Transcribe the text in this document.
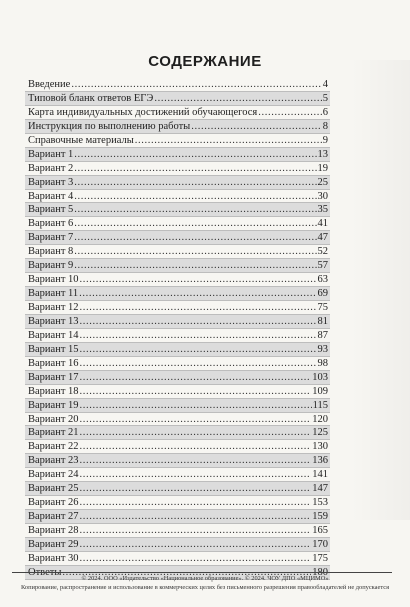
СОДЕРЖАНИЕ
Введение . . .	4
Типовой бланк ответов ЕГЭ . . .	5
Карта индивидуальных достижений обучающегося . . .	6
Инструкция по выполнению работы . . .	8
Справочные материалы . . .	9
Вариант 1 . . .	13
Вариант 2 . . .	19
Вариант 3 . . .	25
Вариант 4 . . .	30
Вариант 5 . . .	35
Вариант 6 . . .	41
Вариант 7 . . .	47
Вариант 8 . . .	52
Вариант 9 . . .	57
Вариант 10 . . .	63
Вариант 11 . . .	69
Вариант 12 . . .	75
Вариант 13 . . .	81
Вариант 14 . . .	87
Вариант 15 . . .	93
Вариант 16 . . .	98
Вариант 17 . . .	103
Вариант 18 . . .	109
Вариант 19 . . .	115
Вариант 20 . . .	120
Вариант 21 . . .	125
Вариант 22 . . .	130
Вариант 23 . . .	136
Вариант 24 . . .	141
Вариант 25 . . .	147
Вариант 26 . . .	153
Вариант 27 . . .	159
Вариант 28 . . .	165
Вариант 29 . . .	170
Вариант 30 . . .	175
Ответы . . .	180
© 2024. ООО «Издательство «Национальное образование». © 2024. ЧОУ ДПО «МЦИМО»
Копирование, распространение и использование в коммерческих целях без письменного разрешения правообладателей не допускается
